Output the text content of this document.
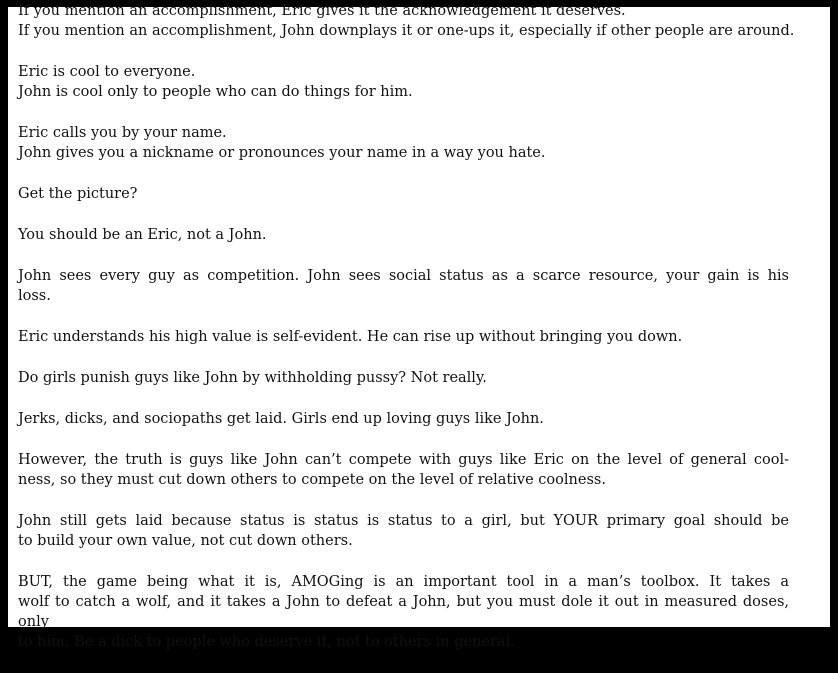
If you mention an accomplishment, Eric gives it the acknowledgement it deserves.
If you mention an accomplishment, John downplays it or one-ups it, especially if other people are around.

Eric is cool to everyone.
John is cool only to people who can do things for him.

Eric calls you by your name.
John gives you a nickname or pronounces your name in a way you hate.

Get the picture?

You should be an Eric, not a John.

John sees every guy as competition. John sees social status as a scarce resource, your gain is his
loss.

Eric understands his high value is self-evident. He can rise up without bringing you down.

Do girls punish guys like John by withholding pussy? Not really.

Jerks, dicks, and sociopaths get laid. Girls end up loving guys like John.

However, the truth is guys like John can’t compete with guys like Eric on the level of general cool-
ness, so they must cut down others to compete on the level of relative coolness.

John still gets laid because status is status is status to a girl, but YOUR primary goal should be
to build your own value, not cut down others.

BUT, the game being what it is, AMOGing is an important tool in a man’s toolbox. It takes a
wolf to catch a wolf, and it takes a John to defeat a John, but you must dole it out in measured doses, only
to him. Be a dick to people who deserve it, not to others in general.
